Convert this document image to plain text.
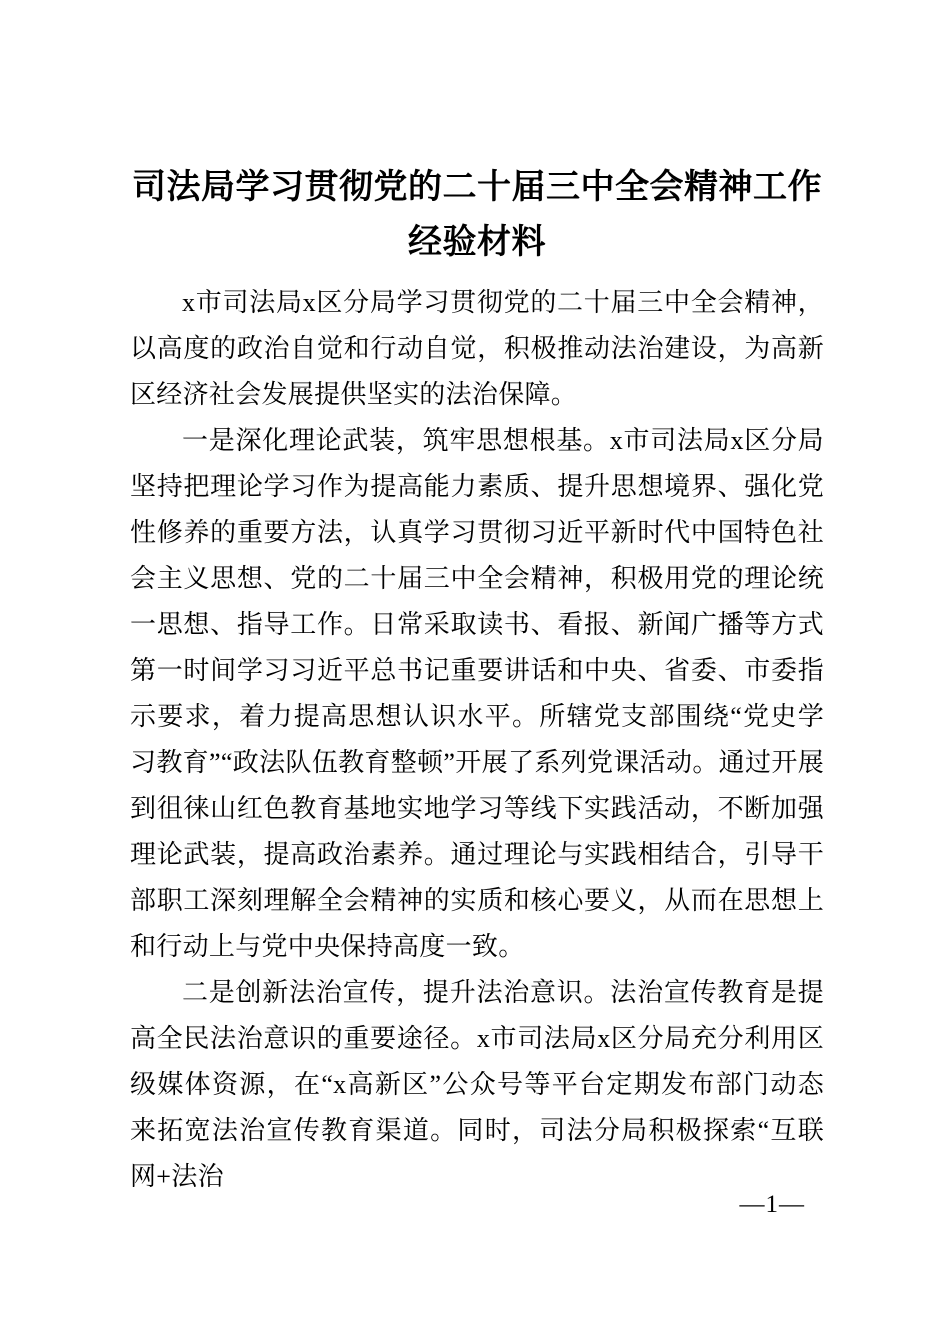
司法局学习贯彻党的二十届三中全会精神工作
经验材料

x市司法局x区分局学习贯彻党的二十届三中全会精神，以高度的政治自觉和行动自觉，积极推动法治建设，为高新区经济社会发展提供坚实的法治保障。

一是深化理论武装，筑牢思想根基。x市司法局x区分局坚持把理论学习作为提高能力素质、提升思想境界、强化党性修养的重要方法，认真学习贯彻习近平新时代中国特色社会主义思想、党的二十届三中全会精神，积极用党的理论统一思想、指导工作。日常采取读书、看报、新闻广播等方式第一时间学习习近平总书记重要讲话和中央、省委、市委指示要求，着力提高思想认识水平。所辖党支部围绕“党史学习教育”“政法队伍教育整顿”开展了系列党课活动。通过开展到徂徕山红色教育基地实地学习等线下实践活动，不断加强理论武装，提高政治素养。通过理论与实践相结合，引导干部职工深刻理解全会精神的实质和核心要义，从而在思想上和行动上与党中央保持高度一致。

二是创新法治宣传，提升法治意识。法治宣传教育是提高全民法治意识的重要途径。x市司法局x区分局充分利用区级媒体资源，在“x高新区”公众号等平台定期发布部门动态来拓宽法治宣传教育渠道。同时，司法分局积极探索“互联网+法治

—1—
